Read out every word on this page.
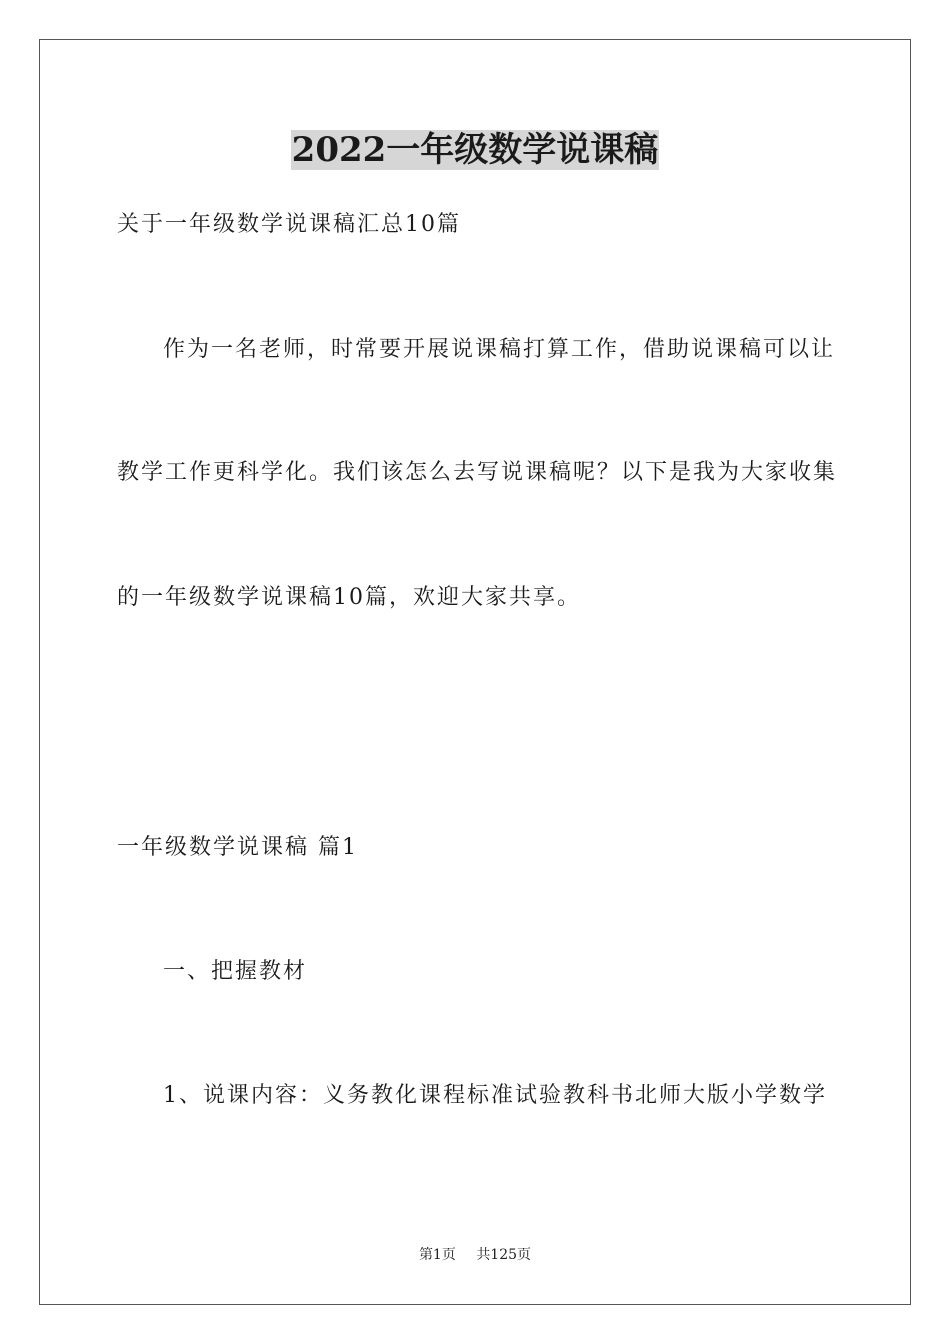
2022一年级数学说课稿
关于一年级数学说课稿汇总10篇
作为一名老师，时常要开展说课稿打算工作，借助说课稿可以让
教学工作更科学化。我们该怎么去写说课稿呢？以下是我为大家收集
的一年级数学说课稿10篇，欢迎大家共享。
一年级数学说课稿 篇1
一、把握教材
1、说课内容：义务教化课程标准试验教科书北师大版小学数学
第1页 共125页
